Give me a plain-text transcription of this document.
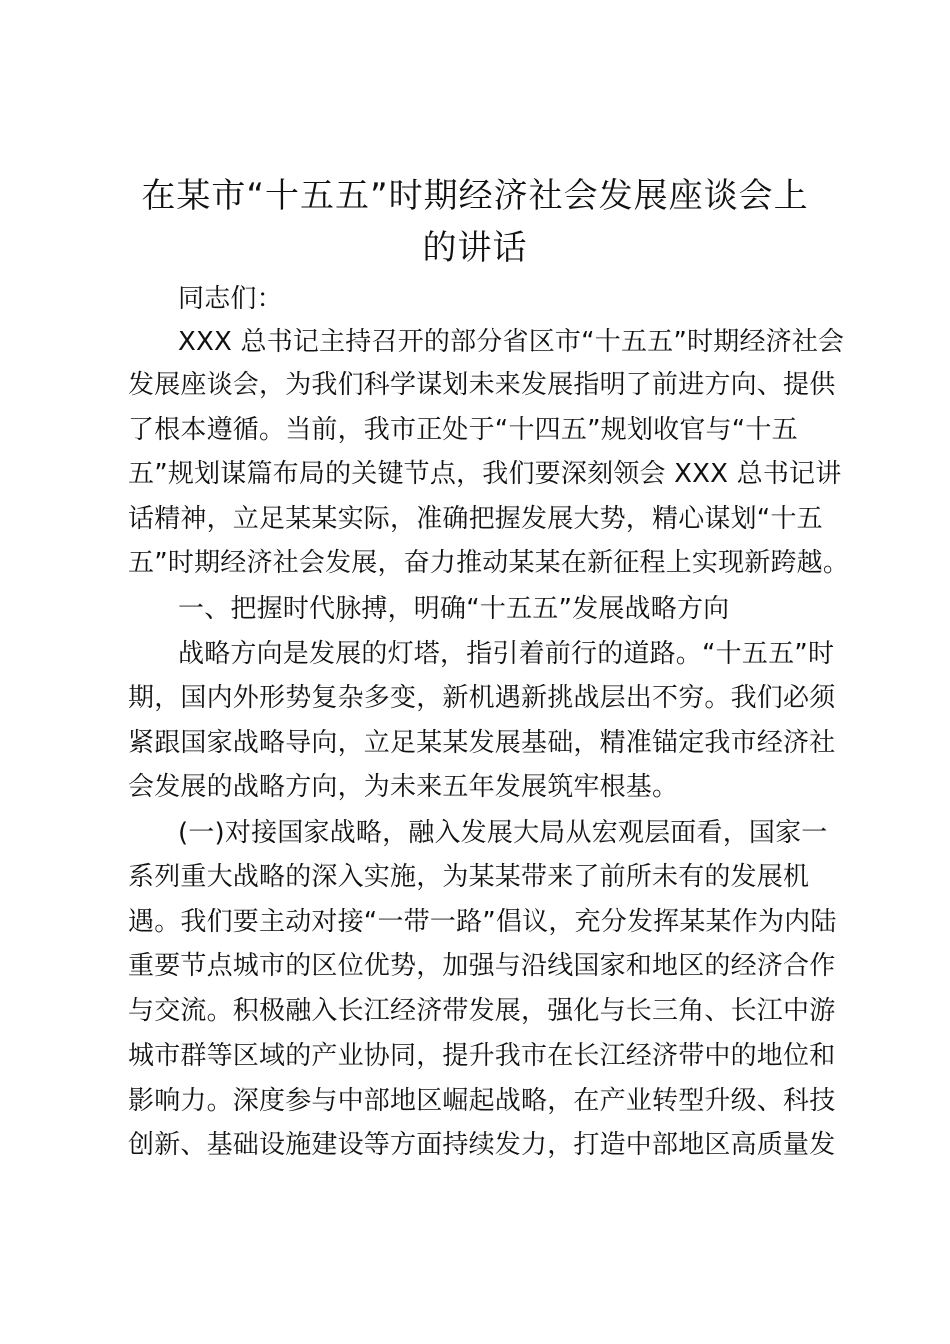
在某市“十五五”时期经济社会发展座谈会上
的讲话
同志们：
XXX 总书记主持召开的部分省区市“十五五”时期经济社会
发展座谈会，为我们科学谋划未来发展指明了前进方向、提供
了根本遵循。当前，我市正处于“十四五”规划收官与“十五
五”规划谋篇布局的关键节点，我们要深刻领会 XXX 总书记讲
话精神，立足某某实际，准确把握发展大势，精心谋划“十五
五”时期经济社会发展，奋力推动某某在新征程上实现新跨越。
一、把握时代脉搏，明确“十五五”发展战略方向
战略方向是发展的灯塔，指引着前行的道路。“十五五”时
期，国内外形势复杂多变，新机遇新挑战层出不穷。我们必须
紧跟国家战略导向，立足某某发展基础，精准锚定我市经济社
会发展的战略方向，为未来五年发展筑牢根基。
(一)对接国家战略，融入发展大局从宏观层面看，国家一
系列重大战略的深入实施，为某某带来了前所未有的发展机
遇。我们要主动对接“一带一路”倡议，充分发挥某某作为内陆
重要节点城市的区位优势，加强与沿线国家和地区的经济合作
与交流。积极融入长江经济带发展，强化与长三角、长江中游
城市群等区域的产业协同，提升我市在长江经济带中的地位和
影响力。深度参与中部地区崛起战略，在产业转型升级、科技
创新、基础设施建设等方面持续发力，打造中部地区高质量发
